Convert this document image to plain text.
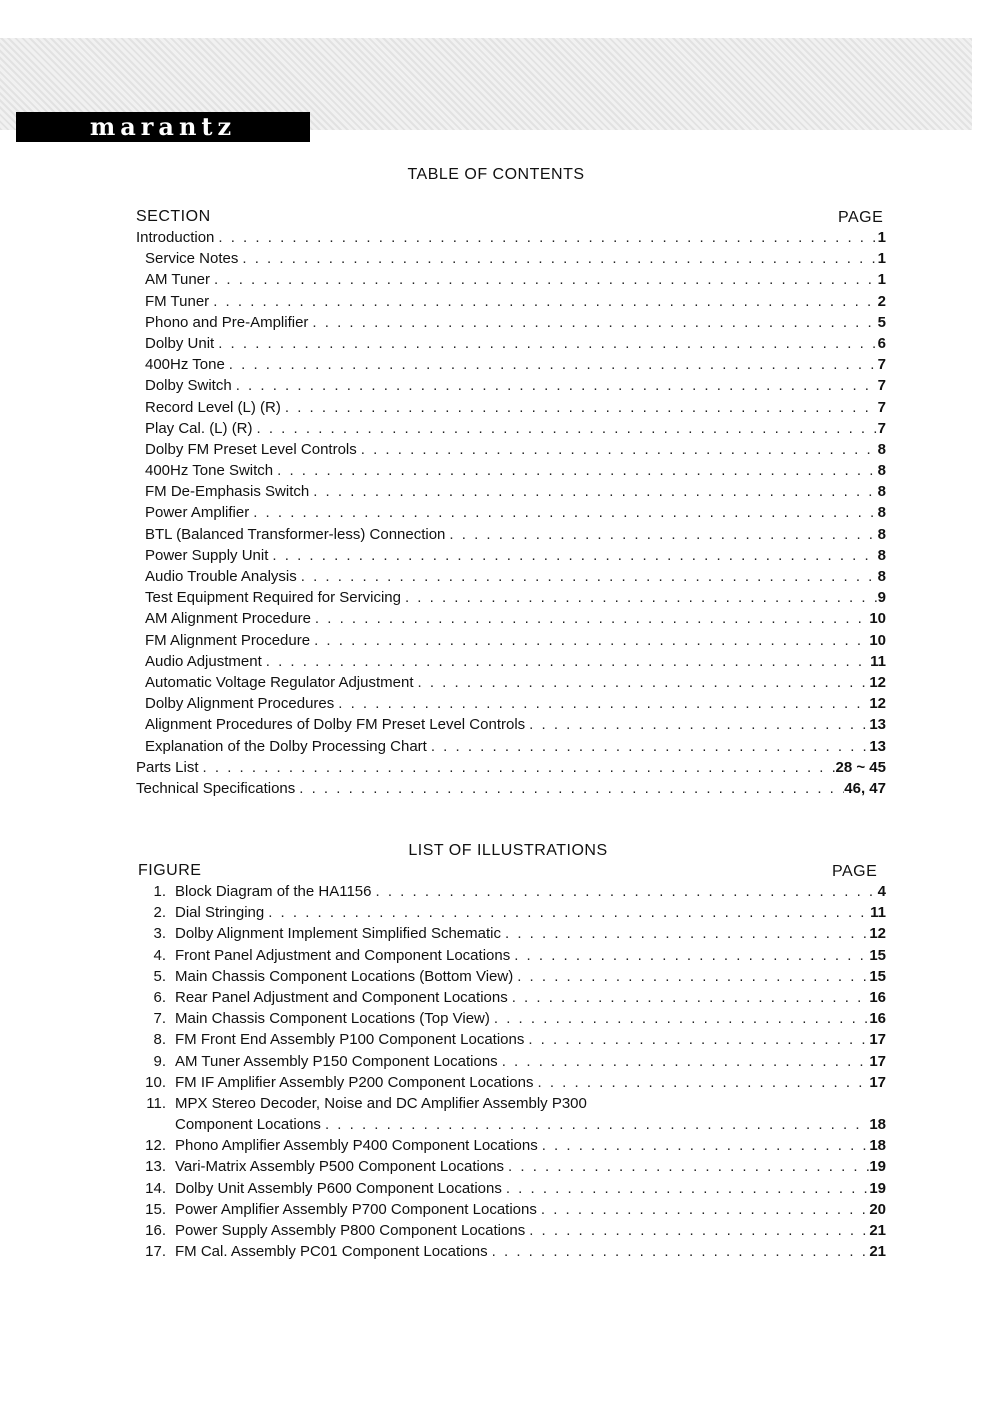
marantz
TABLE OF CONTENTS
SECTION	PAGE
Introduction . . .	1
Service Notes . . .	1
AM Tuner . . .	1
FM Tuner . . .	2
Phono and Pre-Amplifier . . .	5
Dolby Unit . . .	6
400Hz Tone . . .	7
Dolby Switch . . .	7
Record Level (L) (R) . . .	7
Play Cal. (L) (R) . . .	7
Dolby FM Preset Level Controls . . .	8
400Hz Tone Switch . . .	8
FM De-Emphasis Switch . . .	8
Power Amplifier . . .	8
BTL (Balanced Transformer-less) Connection . . .	8
Power Supply Unit . . .	8
Audio Trouble Analysis . . .	8
Test Equipment Required for Servicing . . .	9
AM Alignment Procedure . . .	10
FM Alignment Procedure . . .	10
Audio Adjustment . . .	11
Automatic Voltage Regulator Adjustment . . .	12
Dolby Alignment Procedures . . .	12
Alignment Procedures of Dolby FM Preset Level Controls . . .	13
Explanation of the Dolby Processing Chart . . .	13
Parts List . . .	28 ~ 45
Technical Specifications . . .	46, 47
LIST OF ILLUSTRATIONS
FIGURE	PAGE
1. Block Diagram of the HA1156 . . .	4
2. Dial Stringing . . .	11
3. Dolby Alignment Implement Simplified Schematic . . .	12
4. Front Panel Adjustment and Component Locations . . .	15
5. Main Chassis Component Locations (Bottom View) . . .	15
6. Rear Panel Adjustment and Component Locations . . .	16
7. Main Chassis Component Locations (Top View) . . .	16
8. FM Front End Assembly P100 Component Locations . . .	17
9. AM Tuner Assembly P150 Component Locations . . .	17
10. FM IF Amplifier Assembly P200 Component Locations . . .	17
11. MPX Stereo Decoder, Noise and DC Amplifier Assembly P300
Component Locations . . .	18
12. Phono Amplifier Assembly P400 Component Locations . . .	18
13. Vari-Matrix Assembly P500 Component Locations . . .	19
14. Dolby Unit Assembly P600 Component Locations . . .	19
15. Power Amplifier Assembly P700 Component Locations . . .	20
16. Power Supply Assembly P800 Component Locations . . .	21
17. FM Cal. Assembly PC01 Component Locations . . .	21
